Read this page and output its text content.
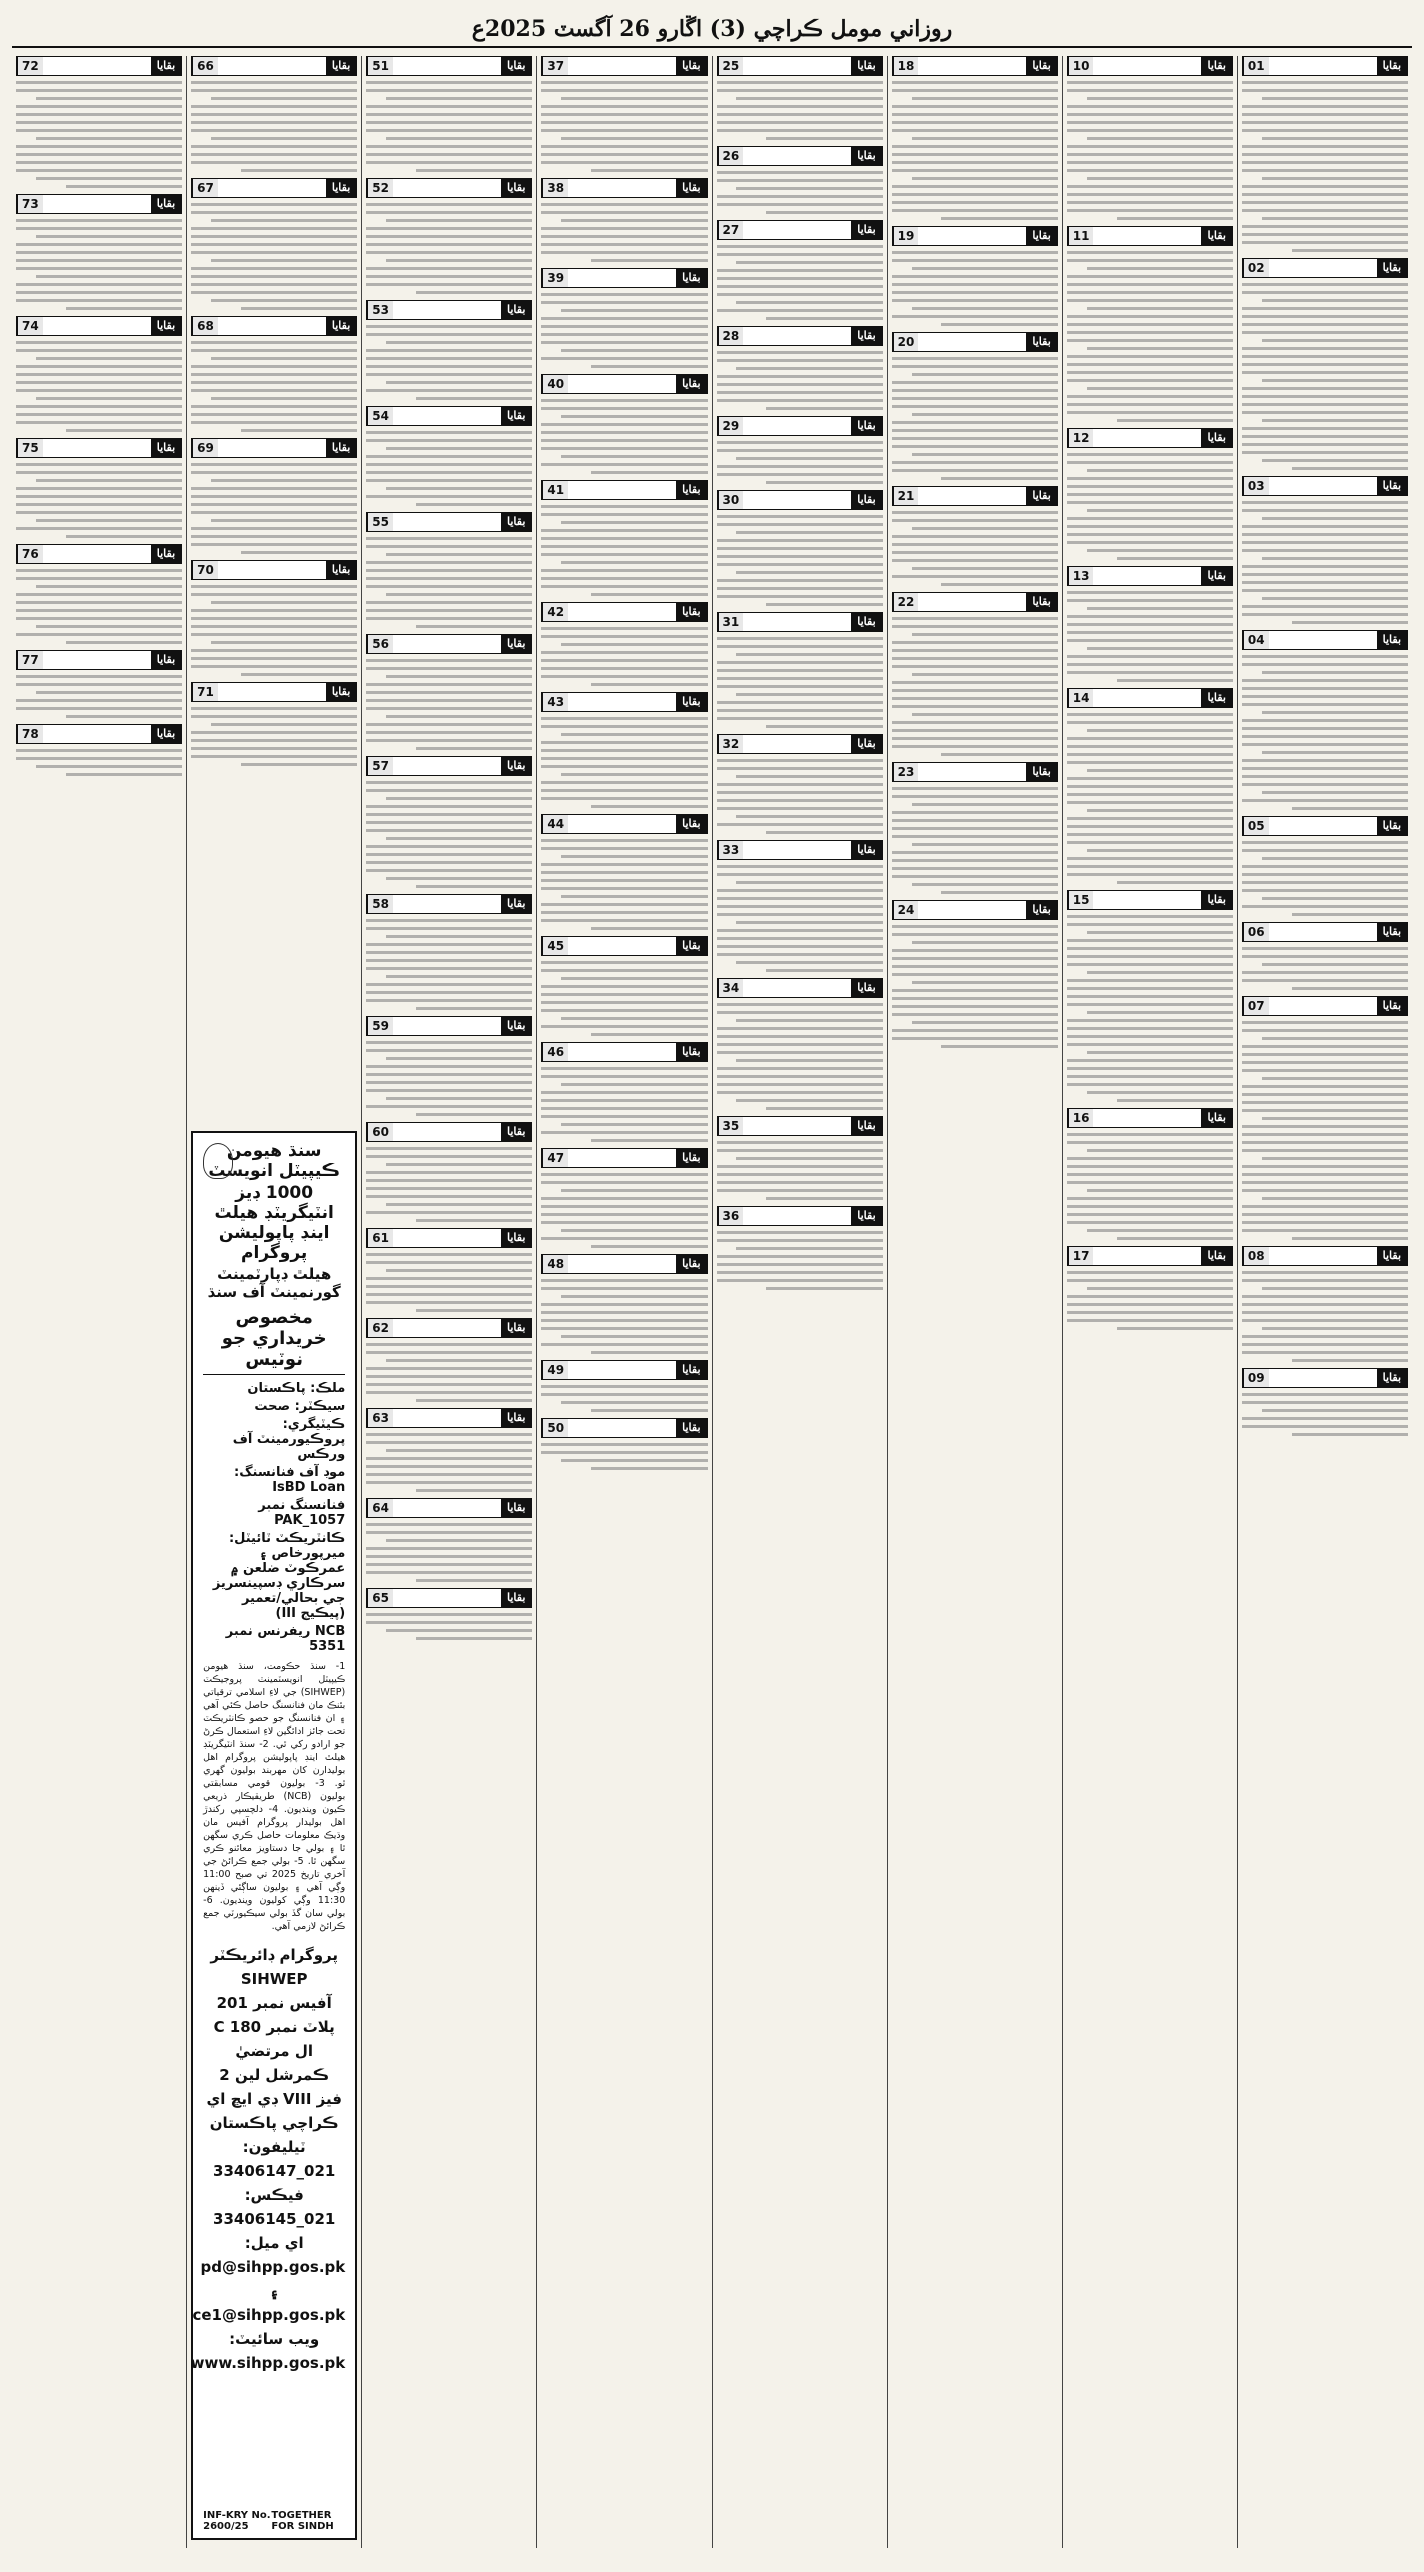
روزاني مومل ڪراچي (3) اڱارو 26 آگسٽ 2025ع
بقايا
01
بقايا
02
بقايا
03
بقايا
04
بقايا
05
بقايا
06
بقايا
07
بقايا
08
بقايا
09
بقايا
10
بقايا
11
بقايا
12
بقايا
13
بقايا
14
بقايا
15
بقايا
16
بقايا
17
بقايا
18
بقايا
19
بقايا
20
بقايا
21
بقايا
22
بقايا
23
بقايا
24
بقايا
25
بقايا
26
بقايا
27
بقايا
28
بقايا
29
بقايا
30
بقايا
31
بقايا
32
بقايا
33
بقايا
34
بقايا
35
بقايا
36
بقايا
37
بقايا
38
بقايا
39
بقايا
40
بقايا
41
بقايا
42
بقايا
43
بقايا
44
بقايا
45
بقايا
46
بقايا
47
بقايا
48
بقايا
49
بقايا
50
بقايا
51
بقايا
52
بقايا
53
بقايا
54
بقايا
55
بقايا
56
بقايا
57
بقايا
58
بقايا
59
بقايا
60
بقايا
61
بقايا
62
بقايا
63
بقايا
64
بقايا
65
بقايا
66
بقايا
67
بقايا
68
بقايا
69
بقايا
70
بقايا
71
سنڌ هيومن ڪيپيٽل انويسٽ
1000 ڊيز انٽيگريٽڊ هيلٿ اينڊ پاپوليشن پروگرام
هيلٿ ڊپارٽمينٽ گورنمينٽ آف سنڌ
مخصوص خريداري جو نوٽيس
ملڪ: پاڪستان
سيڪٽر: صحت
ڪيٽيگري: پروڪيورمينٽ آف ورڪس
موڊ آف فنانسنگ: IsBD Loan
فنانسنگ نمبر PAK_1057
ڪانٽريڪٽ ٽائيٽل: ميرپورخاص ۽ عمرڪوٽ ضلعن ۾ سرڪاري ڊسپينسريز جي بحالي/تعمير (پيڪيج III)
NCB ريفرنس نمبر 5351
1- سنڌ حڪومت، سنڌ هيومن ڪيپيٽل انويسٽمينٽ پروجيڪٽ (SIHWEP) جي لاءِ اسلامي ترقياتي بئنڪ مان فنانسنگ حاصل ڪئي آهي ۽ ان فنانسنگ جو حصو ڪانٽريڪٽ تحت جائز ادائگين لاءِ استعمال ڪرڻ جو ارادو رکي ٿي. 2- سنڌ انٽيگريٽڊ هيلٿ اينڊ پاپوليشن پروگرام اهل بوليدارن کان مهربند بوليون گهري ٿو. 3- بوليون قومي مسابقتي بوليون (NCB) طريقيڪار ذريعي ڪيون وينديون. 4- دلچسپي رکندڙ اهل بوليدار پروگرام آفيس مان وڌيڪ معلومات حاصل ڪري سگهن ٿا ۽ بولي جا دستاويز معائنو ڪري سگهن ٿا. 5- بولي جمع ڪرائڻ جي آخري تاريخ 2025 تي صبح 11:00 وڳي آهي ۽ بوليون ساڳئي ڏينهن 11:30 وڳي کوليون وينديون. 6- بولي سان گڏ بولي سيڪيورٽي جمع ڪرائڻ لازمي آهي.
پروگرام ڊائريڪٽر SIHWEP
آفيس نمبر 201 پلاٽ نمبر C 180
ال مرتضيٰ ڪمرشل لين 2
فيز VIII ڊي ايڇ اي ڪراچي پاڪستان
ٽيليفون: 021_33406147
فيڪس: 021_33406145
اي ميل: pd@sihpp.gos.pk ۽
ce1@sihpp.gos.pk
ويب سائيٽ: www.sihpp.gos.pk
TOGETHER FOR SINDH
INF-KRY No. 2600/25
بقايا
72
بقايا
73
بقايا
74
بقايا
75
بقايا
76
بقايا
77
بقايا
78
